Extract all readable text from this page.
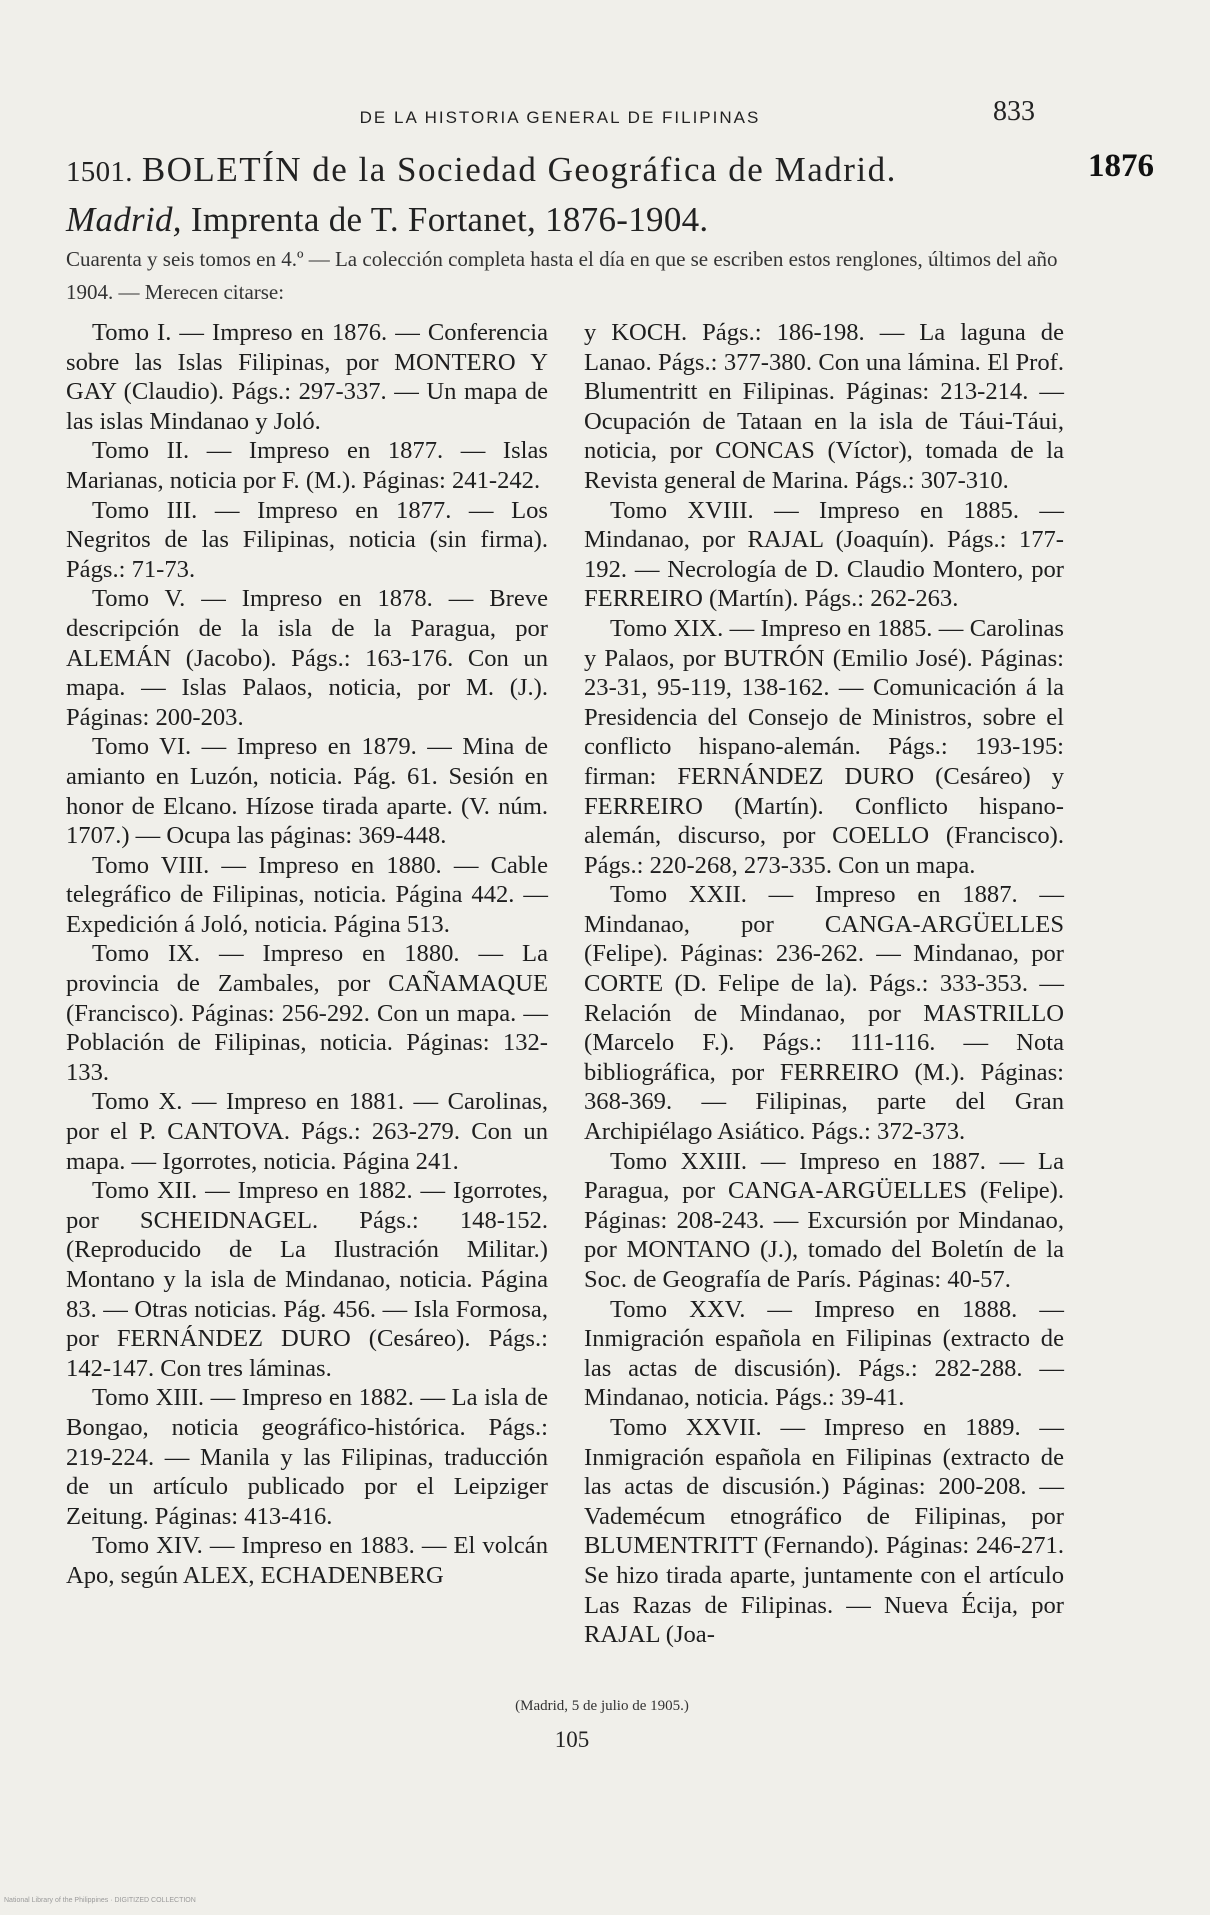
DE LA HISTORIA GENERAL DE FILIPINAS	833
1501. BOLETÍN de la Sociedad Geográfica de Madrid. Madrid, Imprenta de T. Fortanet, 1876-1904.
1876
Cuarenta y seis tomos en 4.º — La colección completa hasta el día en que se escriben estos renglones, últimos del año 1904. — Merecen citarse:

Tomo I. — Impreso en 1876. — Conferencia sobre las Islas Filipinas, por MONTERO Y GAY (Claudio). Págs.: 297-337. — Un mapa de las islas Mindanao y Joló.

Tomo II. — Impreso en 1877. — Islas Marianas, noticia por F. (M.). Páginas: 241-242.

Tomo III. — Impreso en 1877. — Los Negritos de las Filipinas, noticia (sin firma). Págs.: 71-73.

Tomo V. — Impreso en 1878. — Breve descripción de la isla de la Paragua, por ALEMÁN (Jacobo). Págs.: 163-176. Con un mapa. — Islas Palaos, noticia, por M. (J.). Páginas: 200-203.

Tomo VI. — Impreso en 1879. — Mina de amianto en Luzón, noticia. Pág. 61. Sesión en honor de Elcano. Hízose tirada aparte. (V. núm. 1707.) — Ocupa las páginas: 369-448.

Tomo VIII. — Impreso en 1880. — Cable telegráfico de Filipinas, noticia. Página 442. — Expedición á Joló, noticia. Página 513.

Tomo IX. — Impreso en 1880. — La provincia de Zambales, por CAÑAMAQUE (Francisco). Páginas: 256-292. Con un mapa. — Población de Filipinas, noticia. Páginas: 132-133.

Tomo X. — Impreso en 1881. — Carolinas, por el P. CANTOVA. Págs.: 263-279. Con un mapa. — Igorrotes, noticia. Página 241.

Tomo XII. — Impreso en 1882. — Igorrotes, por SCHEIDNAGEL. Págs.: 148-152. (Reproducido de La Ilustración Militar.) Montano y la isla de Mindanao, noticia. Página 83. — Otras noticias. Pág. 456. — Isla Formosa, por FERNÁNDEZ DURO (Cesáreo). Págs.: 142-147. Con tres láminas.

Tomo XIII. — Impreso en 1882. — La isla de Bongao, noticia geográfico-histórica. Págs.: 219-224. — Manila y las Filipinas, traducción de un artículo publicado por el Leipziger Zeitung. Páginas: 413-416.

Tomo XIV. — Impreso en 1883. — El volcán Apo, según ALEX, ECHADENBERG

y KOCH. Págs.: 186-198. — La laguna de Lanao. Págs.: 377-380. Con una lámina. El Prof. Blumentritt en Filipinas. Páginas: 213-214. — Ocupación de Tataan en la isla de Táui-Táui, noticia, por CONCAS (Víctor), tomada de la Revista general de Marina. Págs.: 307-310.

Tomo XVIII. — Impreso en 1885. — Mindanao, por RAJAL (Joaquín). Págs.: 177-192. — Necrología de D. Claudio Montero, por FERREIRO (Martín). Págs.: 262-263.

Tomo XIX. — Impreso en 1885. — Carolinas y Palaos, por BUTRÓN (Emilio José). Páginas: 23-31, 95-119, 138-162. — Comunicación á la Presidencia del Consejo de Ministros, sobre el conflicto hispano-alemán. Págs.: 193-195: firman: FERNÁNDEZ DURO (Cesáreo) y FERREIRO (Martín). Conflicto hispano-alemán, discurso, por COELLO (Francisco). Págs.: 220-268, 273-335. Con un mapa.

Tomo XXII. — Impreso en 1887. — Mindanao, por CANGA-ARGÜELLES (Felipe). Páginas: 236-262. — Mindanao, por CORTE (D. Felipe de la). Págs.: 333-353. — Relación de Mindanao, por MASTRILLO (Marcelo F.). Págs.: 111-116. — Nota bibliográfica, por FERREIRO (M.). Páginas: 368-369. — Filipinas, parte del Gran Archipiélago Asiático. Págs.: 372-373.

Tomo XXIII. — Impreso en 1887. — La Paragua, por CANGA-ARGÜELLES (Felipe). Páginas: 208-243. — Excursión por Mindanao, por MONTANO (J.), tomado del Boletín de la Soc. de Geografía de París. Páginas: 40-57.

Tomo XXV. — Impreso en 1888. — Inmigración española en Filipinas (extracto de las actas de discusión). Págs.: 282-288. — Mindanao, noticia. Págs.: 39-41.

Tomo XXVII. — Impreso en 1889. — Inmigración española en Filipinas (extracto de las actas de discusión.) Páginas: 200-208. — Vademécum etnográfico de Filipinas, por BLUMENTRITT (Fernando). Páginas: 246-271. Se hizo tirada aparte, juntamente con el artículo Las Razas de Filipinas. — Nueva Écija, por RAJAL (Joa-

(Madrid, 5 de julio de 1905.)
105
National Library of the Philippines · DIGITIZED COLLECTION
